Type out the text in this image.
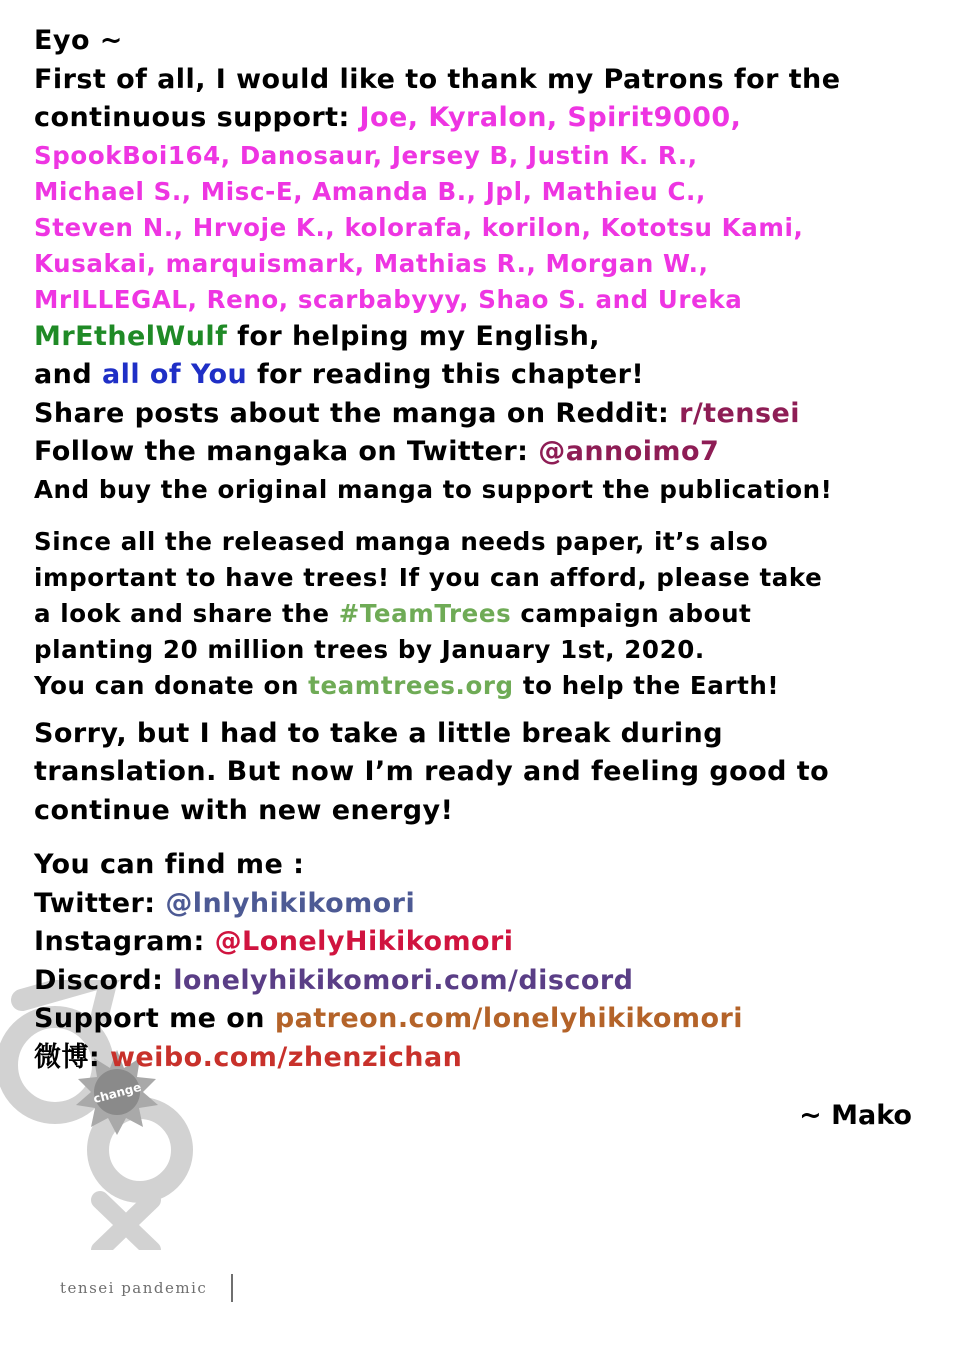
change
Eyo ~
First of all, I would like to thank my Patrons for the
continuous support: Joe, Kyralon, Spirit9000,
SpookBoi164, Danosaur, Jersey B, Justin K. R.,
Michael S., Misc-E, Amanda B., Jpl, Mathieu C.,
Steven N., Hrvoje K., kolorafa, korilon, Kototsu Kami,
Kusakai, marquismark, Mathias R., Morgan W.,
MrILLEGAL, Reno, scarbabyyy, Shao S. and Ureka
MrEthelWulf for helping my English,
and all of You for reading this chapter!
Share posts about the manga on Reddit: r/tensei
Follow the mangaka on Twitter: @annoimo7
And buy the original manga to support the publication!
Since all the released manga needs paper, it’s also
important to have trees! If you can afford, please take
a look and share the #TeamTrees campaign about
planting 20 million trees by January 1st, 2020.
You can donate on teamtrees.org to help the Earth!
Sorry, but I had to take a little break during
translation. But now I’m ready and feeling good to
continue with new energy!
You can find me :
Twitter: @lnlyhikikomori
Instagram: @LonelyHikikomori
Discord: lonelyhikikomori.com/discord
Support me on patreon.com/lonelyhikikomori
微博: weibo.com/zhenzichan
~ Mako
tensei pandemic
